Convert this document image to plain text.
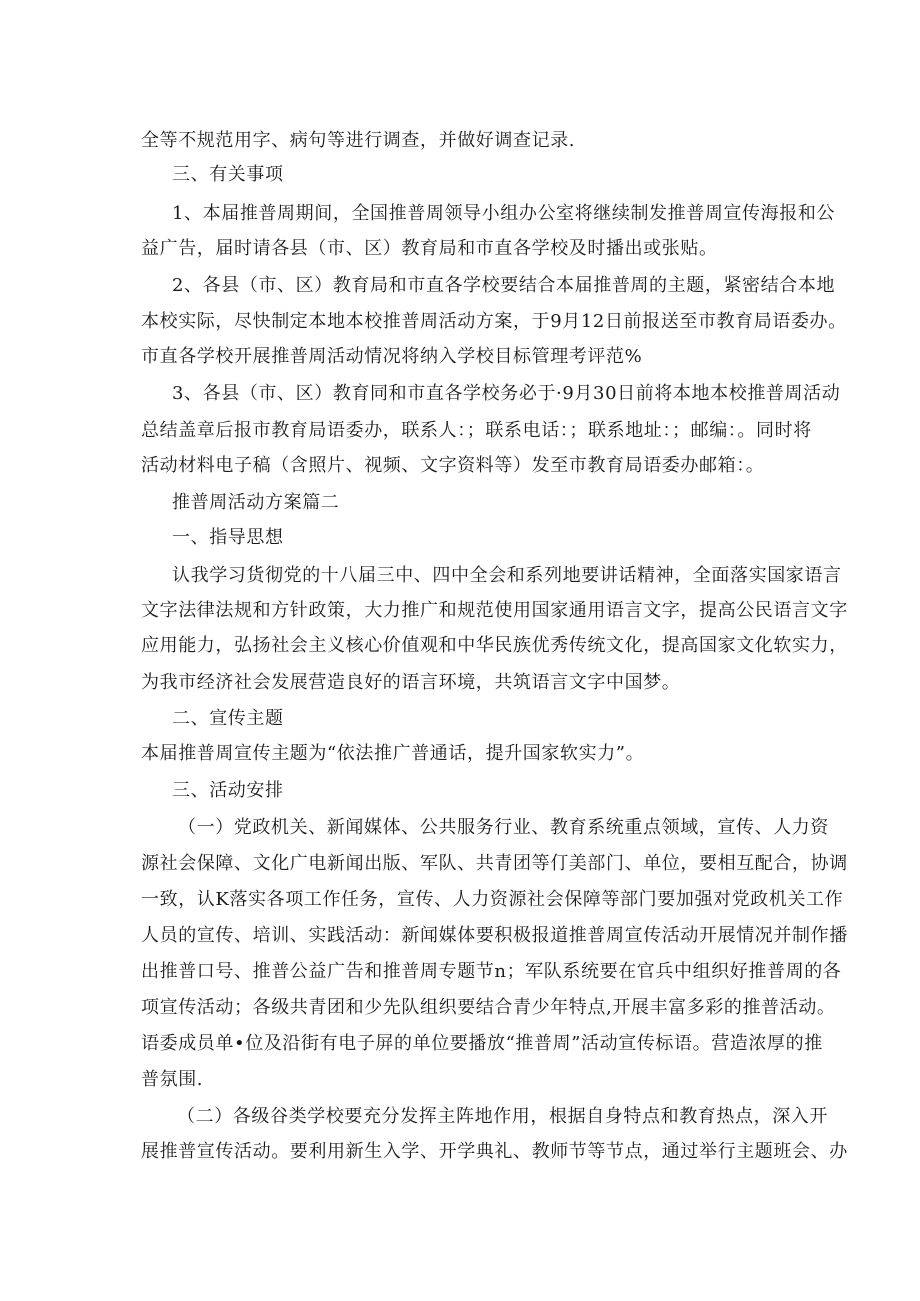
全等不规范用字、病句等进行调查，并做好调查记录.
三、有关事项
1、本届推普周期间，全国推普周领导小组办公室将继续制发推普周宣传海报和公
益广告，届时请各县（市、区）教育局和市直各学校及时播出或张贴。
2、各县（市、区）教育局和市直各学校要结合本届推普周的主题，紧密结合本地
本校实际，尽快制定本地本校推普周活动方案，于9月12日前报送至市教育局语委办。
市直各学校开展推普周活动情况将纳入学校目标管理考评范%
3、各县（市、区）教育同和市直各学校务必于·9月30日前将本地本校推普周活动
总结盖章后报市教育局语委办，联系人：；联系电话：；联系地址：；邮编：。同时将
活动材料电子稿（含照片、视频、文字资料等）发至市教育局语委办邮箱：。
推普周活动方案篇二
一、指导思想
认我学习货彻党的十八届三中、四中全会和系列地要讲话精神，全面落实国家语言
文字法律法规和方针政策，大力推广和规范使用国家通用语言文字，提高公民语言文字
应用能力，弘扬社会主义核心价值观和中华民族优秀传统文化，提高国家文化软实力，
为我市经济社会发展营造良好的语言环境，共筑语言文字中国梦。
二、宣传主题
本届推普周宣传主题为“依法推广普通话，提升国家软实力”。
三、活动安排
（一）党政机关、新闻媒体、公共服务行业、教育系统重点领域，宣传、人力资
源社会保障、文化广电新闻出版、军队、共青团等仃美部门、单位，要相互配合，协调
一致，认K落实各项工作任务，宣传、人力资源社会保障等部门要加强对党政机关工作
人员的宣传、培训、实践活动：新闻媒体要积极报道推普周宣传活动开展情况并制作播
出推普口号、推普公益广告和推普周专题节n；军队系统要在官兵中组织好推普周的各
项宣传活动；各级共青团和少先队组织要结合青少年特点,开展丰富多彩的推普活动。
语委成员单•位及沿街有电子屏的单位要播放“推普周”活动宣传标语。营造浓厚的推
普氛围.
（二）各级谷类学校要充分发挥主阵地作用，根据自身特点和教育热点，深入开
展推普宣传活动。要利用新生入学、开学典礼、教师节等节点，通过举行主题班会、办
